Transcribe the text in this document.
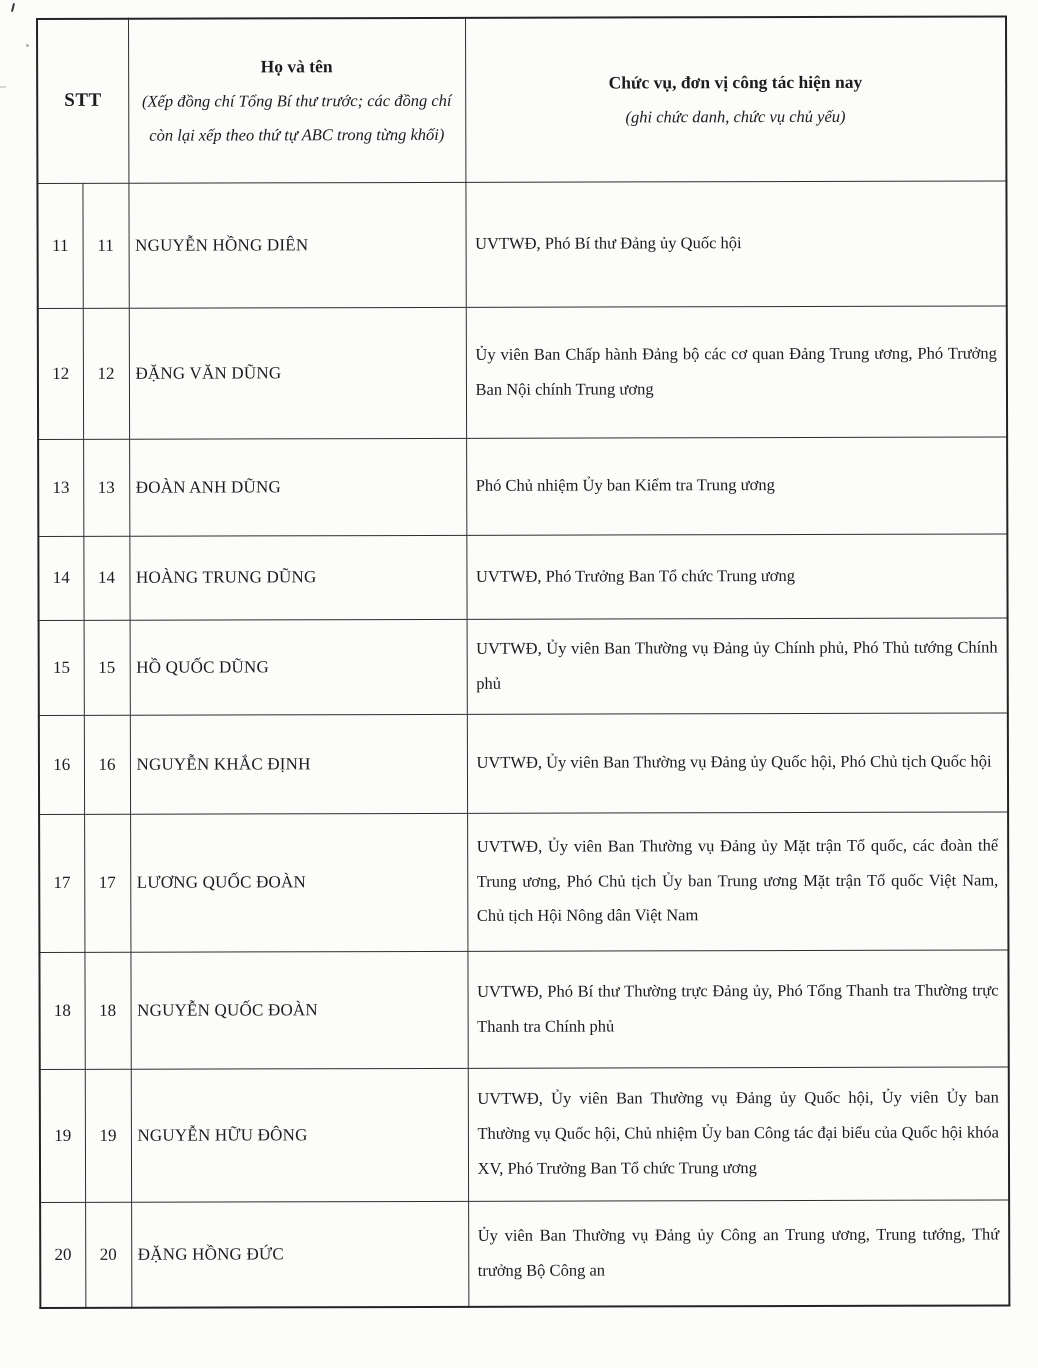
STT

Họ và tên
(Xếp đồng chí Tổng Bí thư trước; các đồng chí còn lại xếp theo thứ tự ABC trong từng khối)

Chức vụ, đơn vị công tác hiện nay
(ghi chức danh, chức vụ chủ yếu)

11	11	NGUYỄN HỒNG DIÊN	UVTWĐ, Phó Bí thư Đảng ủy Quốc hội
12	12	ĐẶNG VĂN DŨNG	Ủy viên Ban Chấp hành Đảng bộ các cơ quan Đảng Trung ương, Phó Trưởng Ban Nội chính Trung ương
13	13	ĐOÀN ANH DŨNG	Phó Chủ nhiệm Ủy ban Kiểm tra Trung ương
14	14	HOÀNG TRUNG DŨNG	UVTWĐ, Phó Trưởng Ban Tổ chức Trung ương
15	15	HỒ QUỐC DŨNG	UVTWĐ, Ủy viên Ban Thường vụ Đảng ủy Chính phủ, Phó Thủ tướng Chính phủ
16	16	NGUYỄN KHẮC ĐỊNH	UVTWĐ, Ủy viên Ban Thường vụ Đảng ủy Quốc hội, Phó Chủ tịch Quốc hội
17	17	LƯƠNG QUỐC ĐOÀN	UVTWĐ, Ủy viên Ban Thường vụ Đảng ủy Mặt trận Tổ quốc, các đoàn thể Trung ương, Phó Chủ tịch Ủy ban Trung ương Mặt trận Tổ quốc Việt Nam, Chủ tịch Hội Nông dân Việt Nam
18	18	NGUYỄN QUỐC ĐOÀN	UVTWĐ, Phó Bí thư Thường trực Đảng ủy, Phó Tổng Thanh tra Thường trực Thanh tra Chính phủ
19	19	NGUYỄN HỮU ĐÔNG	UVTWĐ, Ủy viên Ban Thường vụ Đảng ủy Quốc hội, Ủy viên Ủy ban Thường vụ Quốc hội, Chủ nhiệm Ủy ban Công tác đại biểu của Quốc hội khóa XV, Phó Trưởng Ban Tổ chức Trung ương
20	20	ĐẶNG HỒNG ĐỨC	Ủy viên Ban Thường vụ Đảng ủy Công an Trung ương, Trung tướng, Thứ trưởng Bộ Công an
